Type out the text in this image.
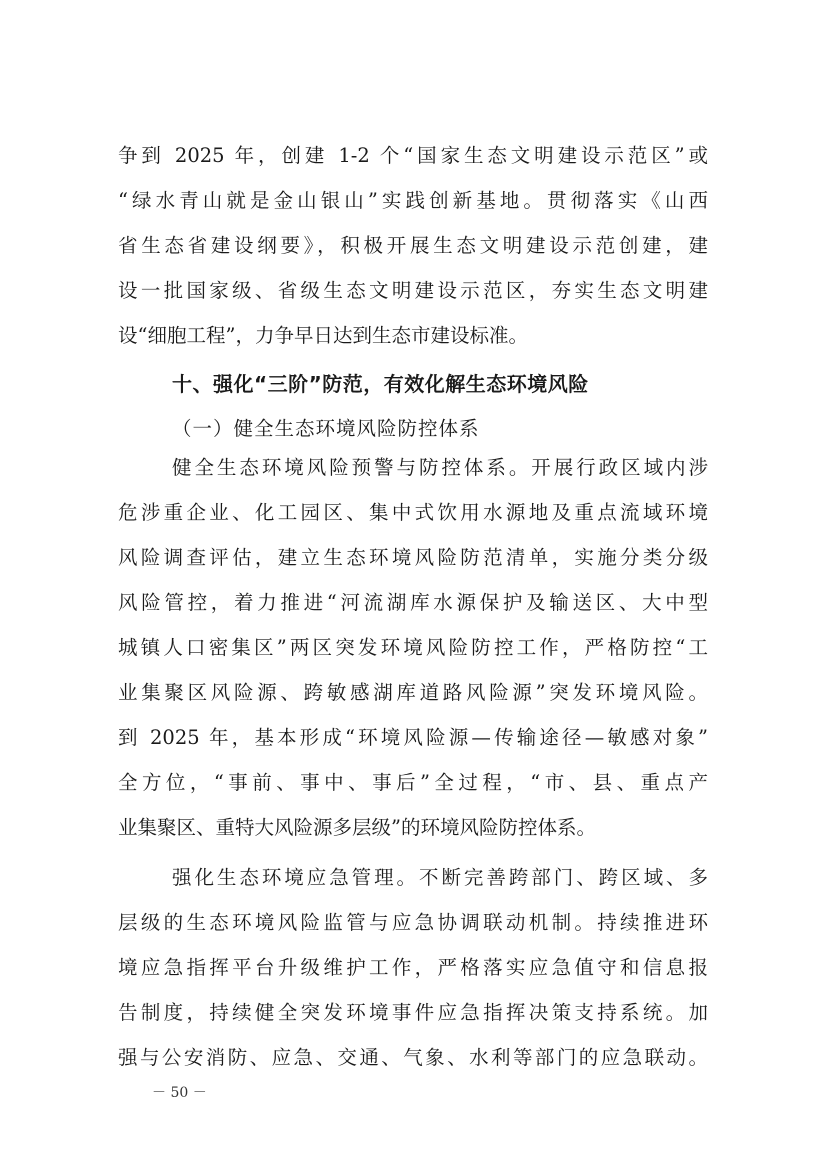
争到 2025 年，创建 1-2 个“国家生态文明建设示范区”或
“绿水青山就是金山银山”实践创新基地。贯彻落实《山西
省生态省建设纲要》，积极开展生态文明建设示范创建，建
设一批国家级、省级生态文明建设示范区，夯实生态文明建
设“细胞工程”，力争早日达到生态市建设标准。
十、强化“三阶”防范，有效化解生态环境风险
（一）健全生态环境风险防控体系
健全生态环境风险预警与防控体系。开展行政区域内涉
危涉重企业、化工园区、集中式饮用水源地及重点流域环境
风险调查评估，建立生态环境风险防范清单，实施分类分级
风险管控，着力推进“河流湖库水源保护及输送区、大中型
城镇人口密集区”两区突发环境风险防控工作，严格防控“工
业集聚区风险源、跨敏感湖库道路风险源”突发环境风险。
到 2025 年，基本形成“环境风险源—传输途径—敏感对象”
全方位，“事前、事中、事后”全过程，“市、县、重点产
业集聚区、重特大风险源多层级”的环境风险防控体系。
强化生态环境应急管理。不断完善跨部门、跨区域、多
层级的生态环境风险监管与应急协调联动机制。持续推进环
境应急指挥平台升级维护工作，严格落实应急值守和信息报
告制度，持续健全突发环境事件应急指挥决策支持系统。加
强与公安消防、应急、交通、气象、水利等部门的应急联动。
－ 50 －
